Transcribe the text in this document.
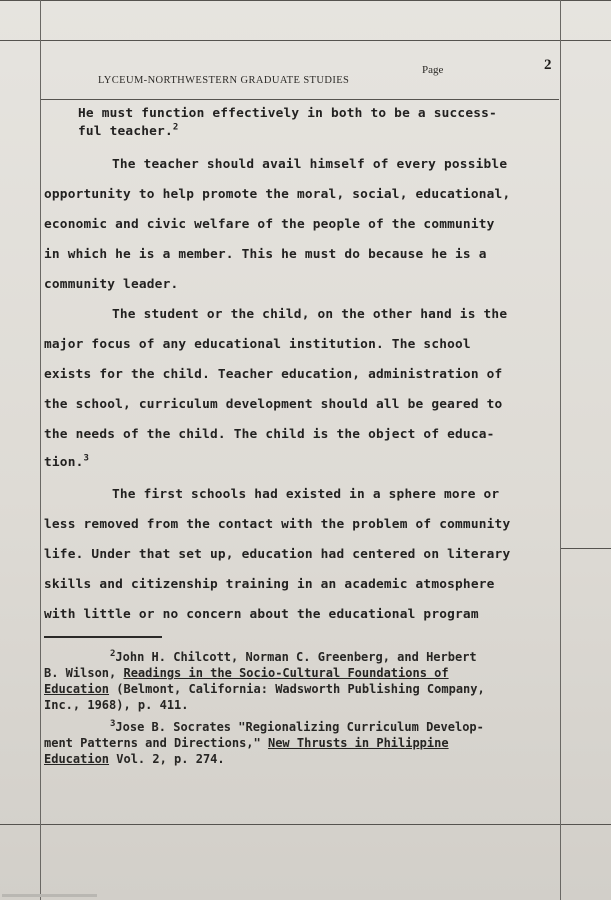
LYCEUM-NORTHWESTERN GRADUATE STUDIES
Page	2
He must function effectively in both to be a success-
ful teacher.$^2$
The teacher should avail himself of every possible
opportunity to help promote the moral, social, educational,
economic and civic welfare of the people of the community
in which he is a member. This he must do because he is a
community leader.
The student or the child, on the other hand is the
major focus of any educational institution. The school
exists for the child. Teacher education, administration of
the school, curriculum development should all be geared to
the needs of the child. The child is the object of educa-
tion.$^3$
The first schools had existed in a sphere more or
less removed from the contact with the problem of community
life. Under that set up, education had centered on literary
skills and citizenship training in an academic atmosphere
with little or no concern about the educational program
$^2$John H. Chilcott, Norman C. Greenberg, and Herbert
B. Wilson, Readings in the Socio-Cultural Foundations of
Education (Belmont, California: Wadsworth Publishing Company,
Inc., 1968), p. 411.
$^3$Jose B. Socrates "Regionalizing Curriculum Develop-
ment Patterns and Directions," New Thrusts in Philippine
Education Vol. 2, p. 274.
